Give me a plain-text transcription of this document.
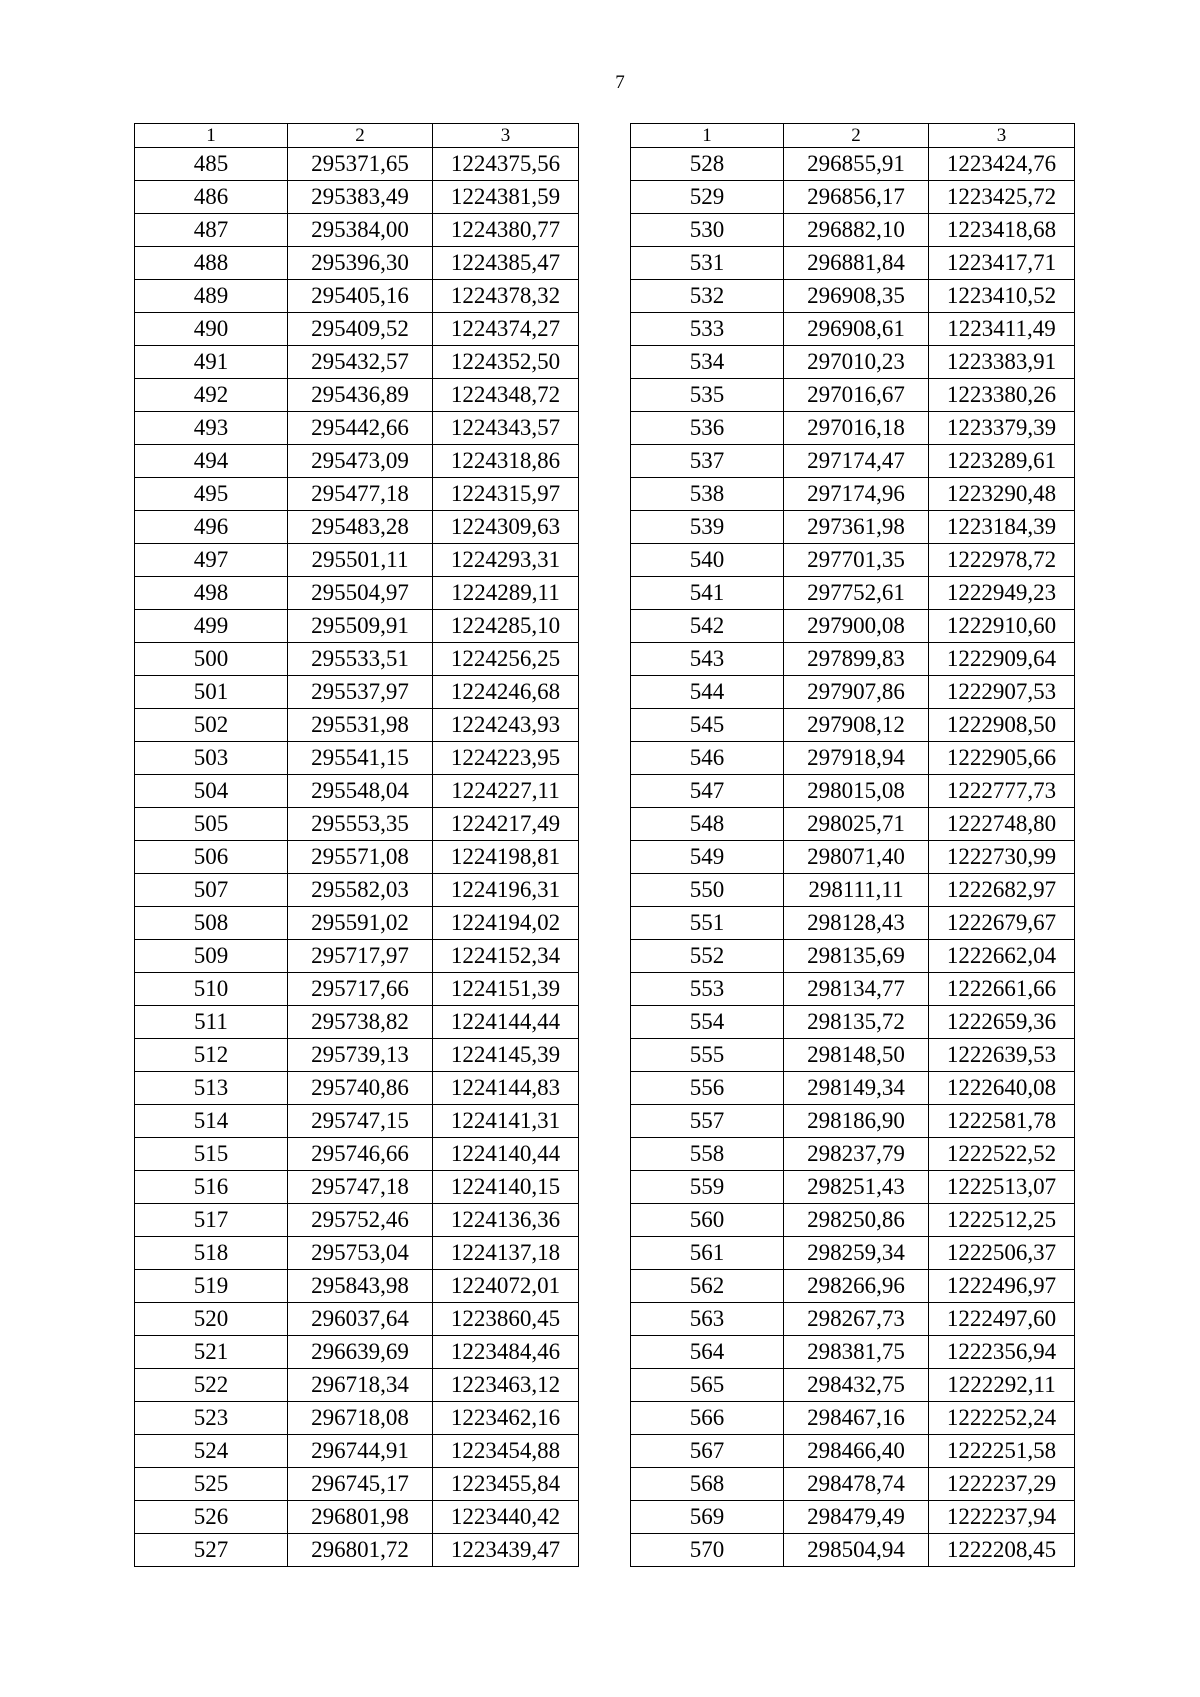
7
1	2	3
485	295371,65	1224375,56
486	295383,49	1224381,59
487	295384,00	1224380,77
488	295396,30	1224385,47
489	295405,16	1224378,32
490	295409,52	1224374,27
491	295432,57	1224352,50
492	295436,89	1224348,72
493	295442,66	1224343,57
494	295473,09	1224318,86
495	295477,18	1224315,97
496	295483,28	1224309,63
497	295501,11	1224293,31
498	295504,97	1224289,11
499	295509,91	1224285,10
500	295533,51	1224256,25
501	295537,97	1224246,68
502	295531,98	1224243,93
503	295541,15	1224223,95
504	295548,04	1224227,11
505	295553,35	1224217,49
506	295571,08	1224198,81
507	295582,03	1224196,31
508	295591,02	1224194,02
509	295717,97	1224152,34
510	295717,66	1224151,39
511	295738,82	1224144,44
512	295739,13	1224145,39
513	295740,86	1224144,83
514	295747,15	1224141,31
515	295746,66	1224140,44
516	295747,18	1224140,15
517	295752,46	1224136,36
518	295753,04	1224137,18
519	295843,98	1224072,01
520	296037,64	1223860,45
521	296639,69	1223484,46
522	296718,34	1223463,12
523	296718,08	1223462,16
524	296744,91	1223454,88
525	296745,17	1223455,84
526	296801,98	1223440,42
527	296801,72	1223439,47
1	2	3
528	296855,91	1223424,76
529	296856,17	1223425,72
530	296882,10	1223418,68
531	296881,84	1223417,71
532	296908,35	1223410,52
533	296908,61	1223411,49
534	297010,23	1223383,91
535	297016,67	1223380,26
536	297016,18	1223379,39
537	297174,47	1223289,61
538	297174,96	1223290,48
539	297361,98	1223184,39
540	297701,35	1222978,72
541	297752,61	1222949,23
542	297900,08	1222910,60
543	297899,83	1222909,64
544	297907,86	1222907,53
545	297908,12	1222908,50
546	297918,94	1222905,66
547	298015,08	1222777,73
548	298025,71	1222748,80
549	298071,40	1222730,99
550	298111,11	1222682,97
551	298128,43	1222679,67
552	298135,69	1222662,04
553	298134,77	1222661,66
554	298135,72	1222659,36
555	298148,50	1222639,53
556	298149,34	1222640,08
557	298186,90	1222581,78
558	298237,79	1222522,52
559	298251,43	1222513,07
560	298250,86	1222512,25
561	298259,34	1222506,37
562	298266,96	1222496,97
563	298267,73	1222497,60
564	298381,75	1222356,94
565	298432,75	1222292,11
566	298467,16	1222252,24
567	298466,40	1222251,58
568	298478,74	1222237,29
569	298479,49	1222237,94
570	298504,94	1222208,45
